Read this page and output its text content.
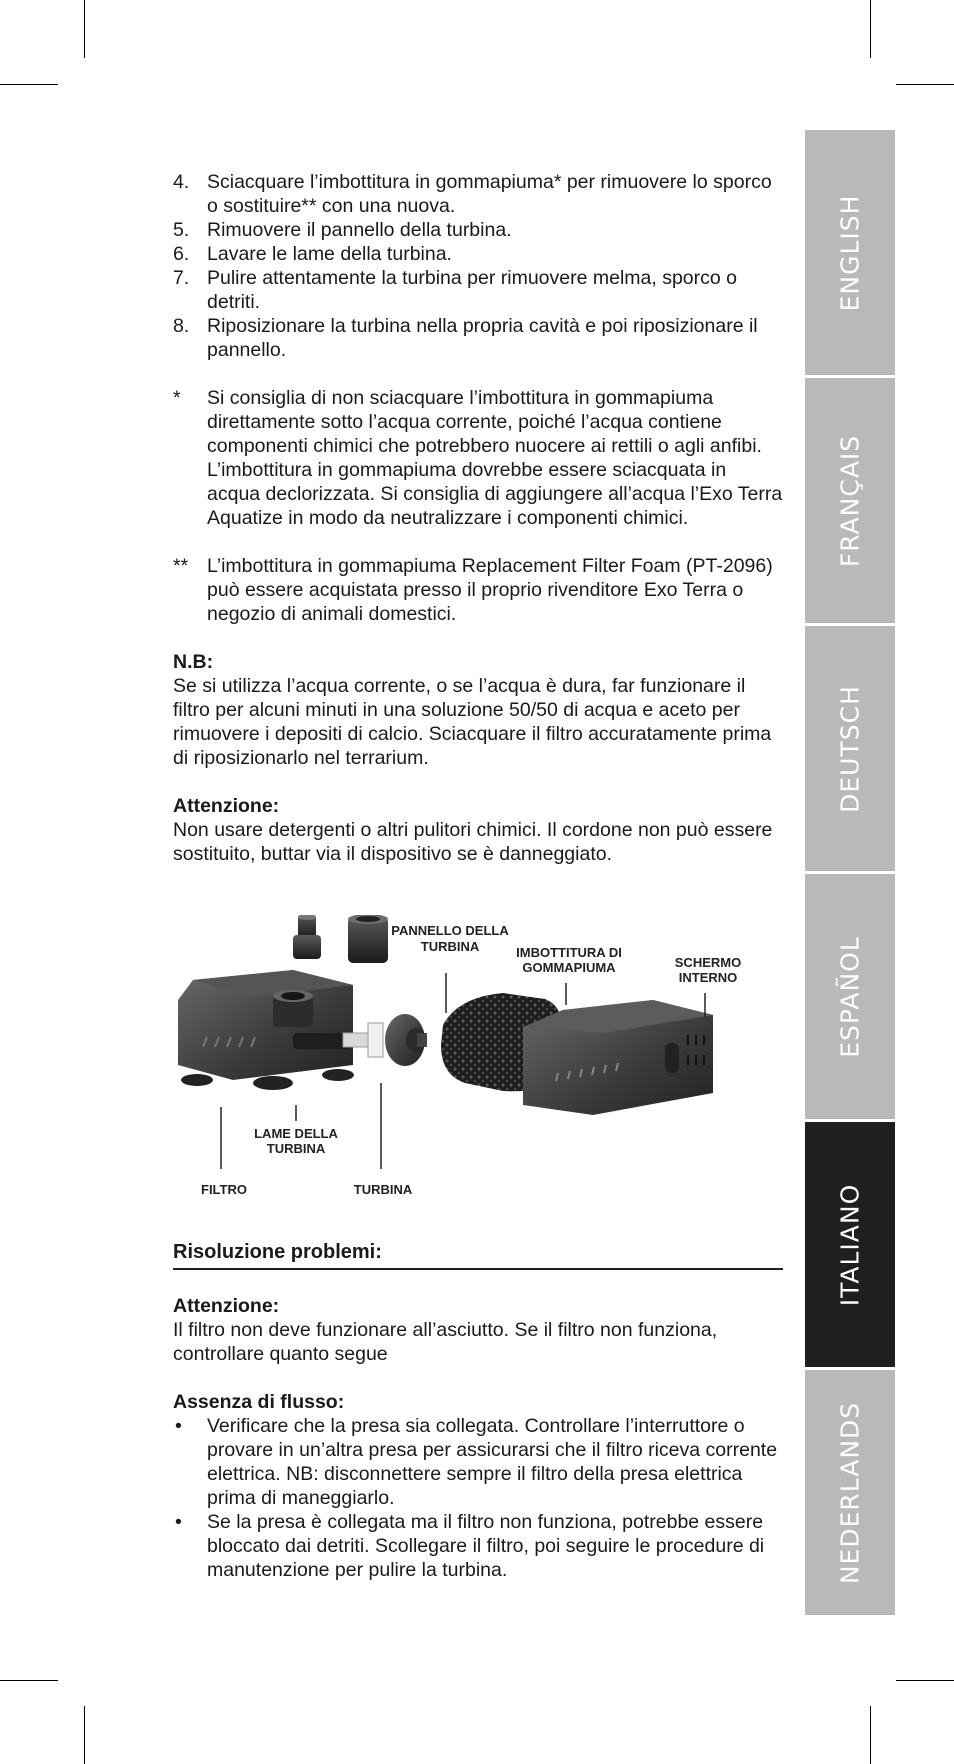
ENGLISH
FRANÇAIS
DEUTSCH
ESPAÑOL
ITALIANO
NEDERLANDS
4. Sciacquare l’imbottitura in gommapiuma* per rimuovere lo sporco o sostituire** con una nuova.
5. Rimuovere il pannello della turbina.
6. Lavare le lame della turbina.
7. Pulire attentamente la turbina per rimuovere melma, sporco o detriti.
8. Riposizionare la turbina nella propria cavità e poi riposizionare il pannello.
* Si consiglia di non sciacquare l’imbottitura in gommapiuma direttamente sotto l’acqua corrente, poiché l’acqua contiene componenti chimici che potrebbero nuocere ai rettili o agli anfibi. L’imbottitura in gommapiuma dovrebbe essere sciacquata in acqua declorizzata. Si consiglia di aggiungere all’acqua l’Exo Terra Aquatize in modo da neutralizzare i componenti chimici.
** L’imbottitura in gommapiuma Replacement Filter Foam (PT-2096) può essere acquistata presso il proprio rivenditore Exo Terra o negozio di animali domestici.
N.B:
Se si utilizza l’acqua corrente, o se l’acqua è dura, far funzionare il filtro per alcuni minuti in una soluzione 50/50 di acqua e aceto per rimuovere i depositi di calcio. Sciacquare il filtro accuratamente prima di riposizionarlo nel terrarium.
Attenzione:
Non usare detergenti o altri pulitori chimici. Il cordone non può essere sostituito, buttar via il dispositivo se è danneggiato.
PANNELLO DELLA
TURBINA	IMBOTTITURA DI
GOMMAPIUMA	SCHERMO
INTERNO
LAME DELLA
TURBINA
FILTRO	TURBINA
Risoluzione problemi:
Attenzione:
Il filtro non deve funzionare all’asciutto. Se il filtro non funziona, controllare quanto segue
Assenza di flusso:
• Verificare che la presa sia collegata. Controllare l’interruttore o provare in un’altra presa per assicurarsi che il filtro riceva corrente elettrica. NB: disconnettere sempre il filtro della presa elettrica prima di maneggiarlo.
• Se la presa è collegata ma il filtro non funziona, potrebbe essere bloccato dai detriti. Scollegare il filtro, poi seguire le procedure di manutenzione per pulire la turbina.
